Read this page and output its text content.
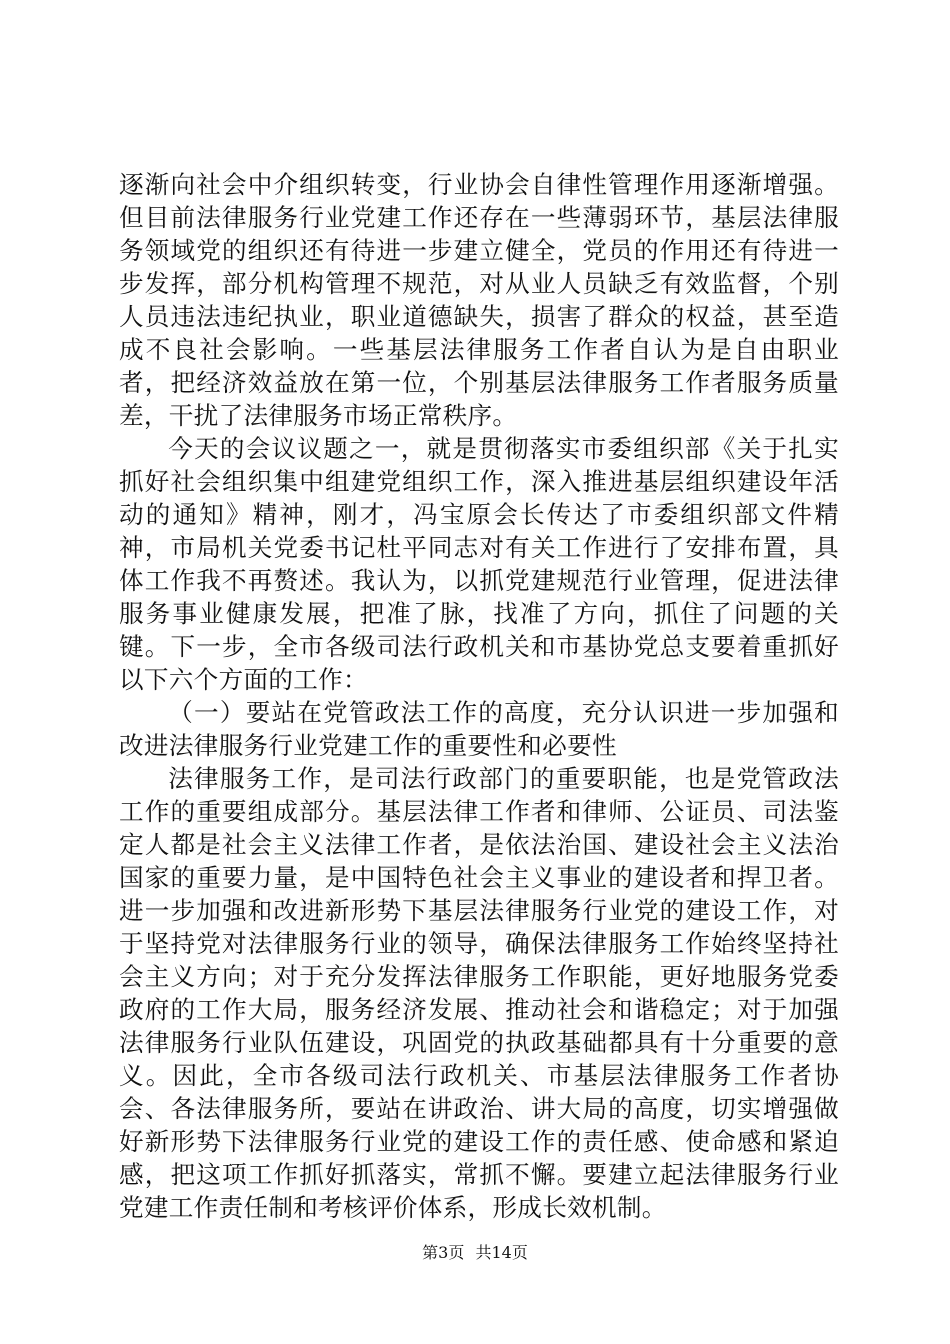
逐渐向社会中介组织转变，行业协会自律性管理作用逐渐增强。但目前法律服务行业党建工作还存在一些薄弱环节，基层法律服务领域党的组织还有待进一步建立健全，党员的作用还有待进一步发挥，部分机构管理不规范，对从业人员缺乏有效监督，个别人员违法违纪执业，职业道德缺失，损害了群众的权益，甚至造成不良社会影响。一些基层法律服务工作者自认为是自由职业者，把经济效益放在第一位，个别基层法律服务工作者服务质量差，干扰了法律服务市场正常秩序。

今天的会议议题之一，就是贯彻落实市委组织部《关于扎实抓好社会组织集中组建党组织工作，深入推进基层组织建设年活动的通知》精神，刚才，冯宝原会长传达了市委组织部文件精神，市局机关党委书记杜平同志对有关工作进行了安排布置，具体工作我不再赘述。我认为，以抓党建规范行业管理，促进法律服务事业健康发展，把准了脉，找准了方向，抓住了问题的关键。下一步，全市各级司法行政机关和市基协党总支要着重抓好以下六个方面的工作：

（一）要站在党管政法工作的高度，充分认识进一步加强和改进法律服务行业党建工作的重要性和必要性

法律服务工作，是司法行政部门的重要职能，也是党管政法工作的重要组成部分。基层法律工作者和律师、公证员、司法鉴定人都是社会主义法律工作者，是依法治国、建设社会主义法治国家的重要力量，是中国特色社会主义事业的建设者和捍卫者。进一步加强和改进新形势下基层法律服务行业党的建设工作，对于坚持党对法律服务行业的领导，确保法律服务工作始终坚持社会主义方向；对于充分发挥法律服务工作职能，更好地服务党委政府的工作大局，服务经济发展、推动社会和谐稳定；对于加强法律服务行业队伍建设，巩固党的执政基础都具有十分重要的意义。因此，全市各级司法行政机关、市基层法律服务工作者协会、各法律服务所，要站在讲政治、讲大局的高度，切实增强做好新形势下法律服务行业党的建设工作的责任感、使命感和紧迫感，把这项工作抓好抓落实，常抓不懈。要建立起法律服务行业党建工作责任制和考核评价体系，形成长效机制。

第3页 共14页
